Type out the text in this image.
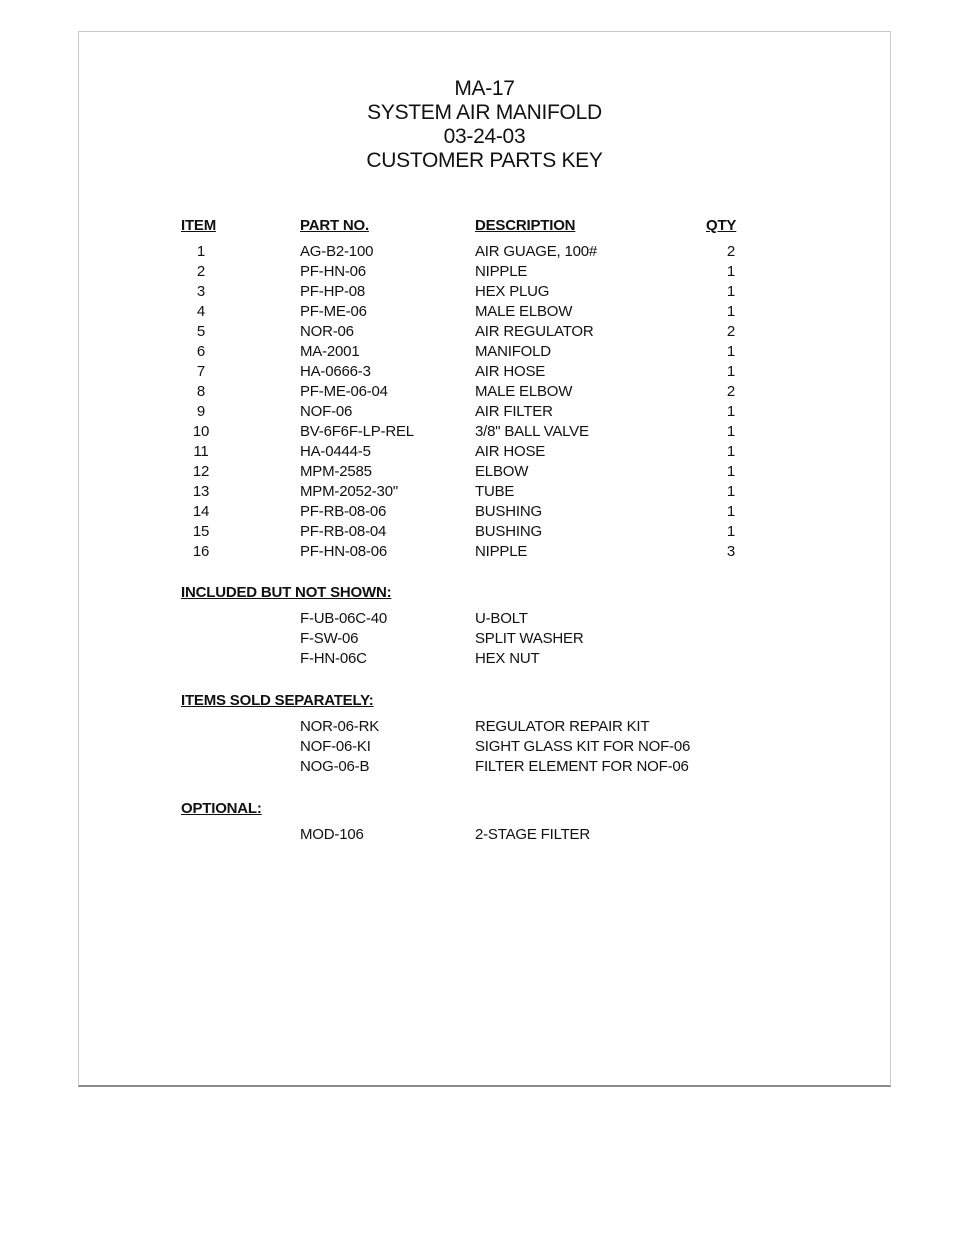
MA-17
SYSTEM AIR MANIFOLD
03-24-03
CUSTOMER PARTS KEY
ITEM	PART NO.	DESCRIPTION	QTY
1	AG-B2-100	AIR GUAGE, 100#	2
2	PF-HN-06	NIPPLE	1
3	PF-HP-08	HEX PLUG	1
4	PF-ME-06	MALE ELBOW	1
5	NOR-06	AIR REGULATOR	2
6	MA-2001	MANIFOLD	1
7	HA-0666-3	AIR HOSE	1
8	PF-ME-06-04	MALE ELBOW	2
9	NOF-06	AIR FILTER	1
10	BV-6F6F-LP-REL	3/8" BALL VALVE	1
11	HA-0444-5	AIR HOSE	1
12	MPM-2585	ELBOW	1
13	MPM-2052-30"	TUBE	1
14	PF-RB-08-06	BUSHING	1
15	PF-RB-08-04	BUSHING	1
16	PF-HN-08-06	NIPPLE	3
INCLUDED BUT NOT SHOWN:
F-UB-06C-40	U-BOLT
F-SW-06	SPLIT WASHER
F-HN-06C	HEX NUT
ITEMS SOLD SEPARATELY:
NOR-06-RK	REGULATOR REPAIR KIT
NOF-06-KI	SIGHT GLASS KIT FOR NOF-06
NOG-06-B	FILTER ELEMENT FOR NOF-06
OPTIONAL:
MOD-106	2-STAGE FILTER
